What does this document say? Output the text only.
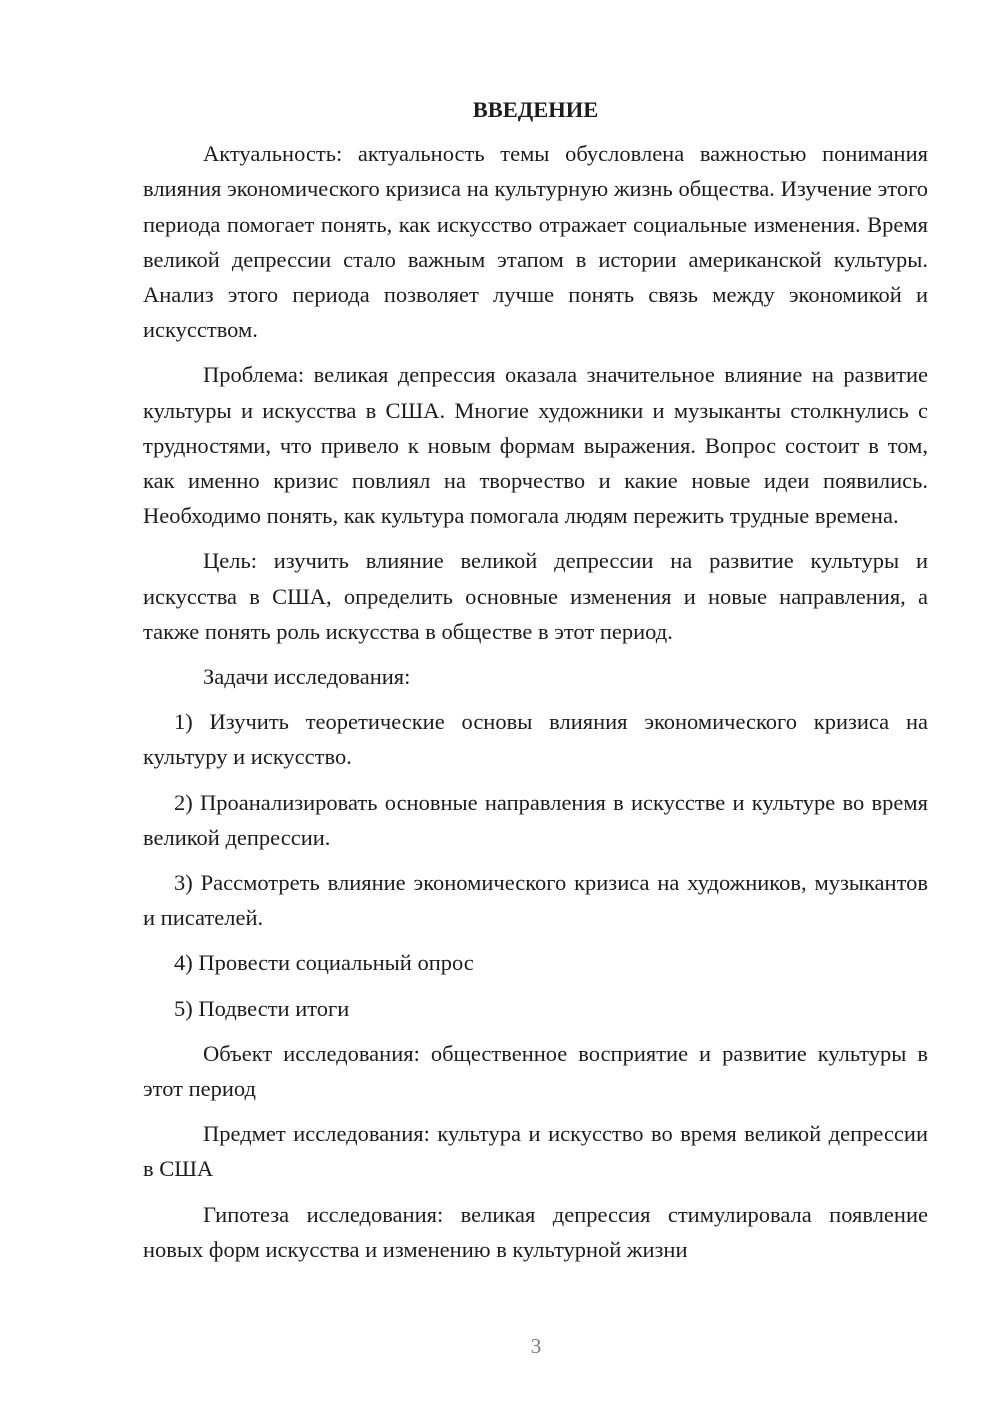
ВВЕДЕНИЕ

Актуальность: актуальность темы обусловлена важностью понимания влияния экономического кризиса на культурную жизнь общества. Изучение этого периода помогает понять, как искусство отражает социальные изменения. Время великой депрессии стало важным этапом в истории американской культуры. Анализ этого периода позволяет лучше понять связь между экономикой и искусством.

Проблема: великая депрессия оказала значительное влияние на развитие культуры и искусства в США. Многие художники и музыканты столкнулись с трудностями, что привело к новым формам выражения. Вопрос состоит в том, как именно кризис повлиял на творчество и какие новые идеи появились. Необходимо понять, как культура помогала людям пережить трудные времена.

Цель: изучить влияние великой депрессии на развитие культуры и искусства в США, определить основные изменения и новые направления, а также понять роль искусства в обществе в этот период.

Задачи исследования:

1) Изучить теоретические основы влияния экономического кризиса на культуру и искусство.

2) Проанализировать основные направления в искусстве и культуре во время великой депрессии.

3) Рассмотреть влияние экономического кризиса на художников, музыкантов и писателей.

4) Провести социальный опрос

5) Подвести итоги

Объект исследования: общественное восприятие и развитие культуры в этот период

Предмет исследования: культура и искусство во время великой депрессии в США

Гипотеза исследования: великая депрессия стимулировала появление новых форм искусства и изменению в культурной жизни

3
